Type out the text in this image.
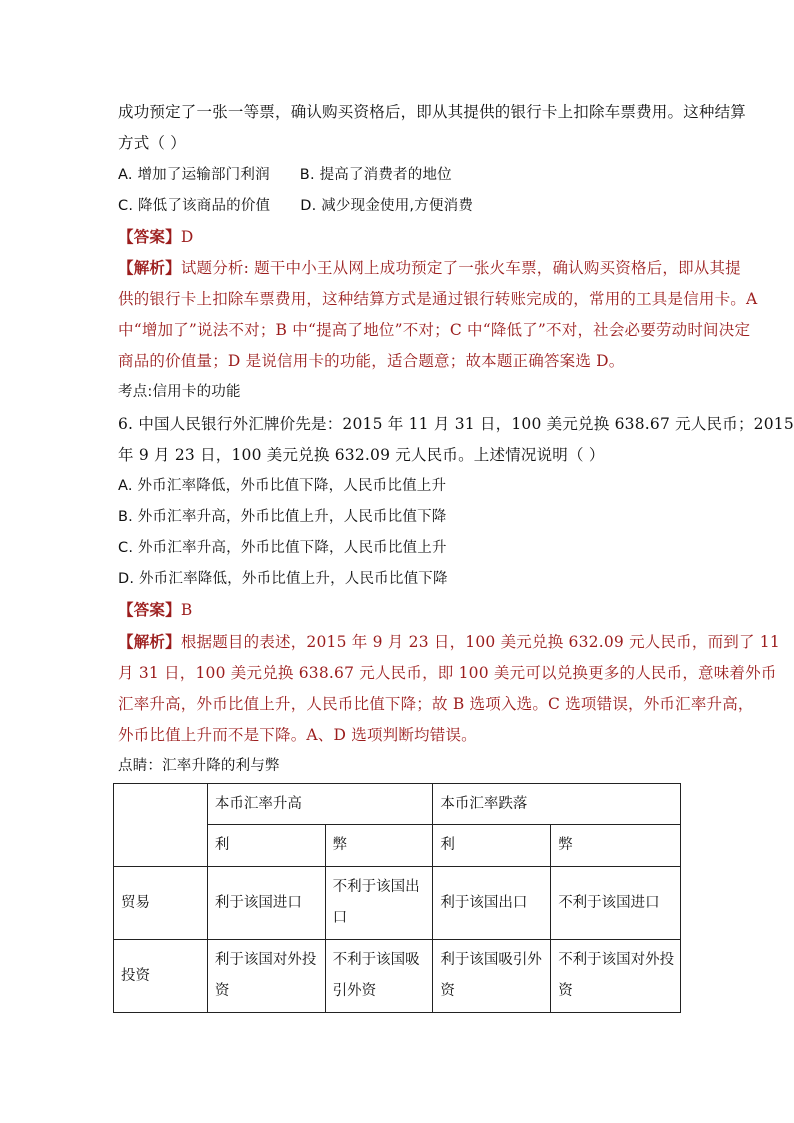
成功预定了一张一等票，确认购买资格后，即从其提供的银行卡上扣除车票费用。这种结算
方式（ ）
A. 增加了运输部门利润 B. 提高了消费者的地位
C. 降低了该商品的价值 D. 减少现金使用,方便消费
【答案】D
【解析】试题分析: 题干中小王从网上成功预定了一张火车票，确认购买资格后，即从其提
供的银行卡上扣除车票费用，这种结算方式是通过银行转账完成的，常用的工具是信用卡。A
中“增加了”说法不对；B 中“提高了地位”不对；C 中“降低了”不对，社会必要劳动时间决定
商品的价值量；D 是说信用卡的功能，适合题意；故本题正确答案选 D。
考点:信用卡的功能
6. 中国人民银行外汇牌价先是：2015 年 11 月 31 日，100 美元兑换 638.67 元人民币；2015
年 9 月 23 日，100 美元兑换 632.09 元人民币。上述情况说明（ ）
A. 外币汇率降低，外币比值下降，人民币比值上升
B. 外币汇率升高，外币比值上升，人民币比值下降
C. 外币汇率升高，外币比值下降，人民币比值上升
D. 外币汇率降低，外币比值上升，人民币比值下降
【答案】B
【解析】根据题目的表述，2015 年 9 月 23 日，100 美元兑换 632.09 元人民币，而到了 11
月 31 日，100 美元兑换 638.67 元人民币，即 100 美元可以兑换更多的人民币，意味着外币
汇率升高，外币比值上升，人民币比值下降；故 B 选项入选。C 选项错误，外币汇率升高，
外币比值上升而不是下降。A、D 选项判断均错误。
点睛：汇率升降的利与弊
	本币汇率升高		本币汇率跌落	
	利	弊	利	弊
贸易	利于该国进口	不利于该国出口	利于该国出口	不利于该国进口
投资	利于该国对外投资	不利于该国吸引外资	利于该国吸引外资	不利于该国对外投资
